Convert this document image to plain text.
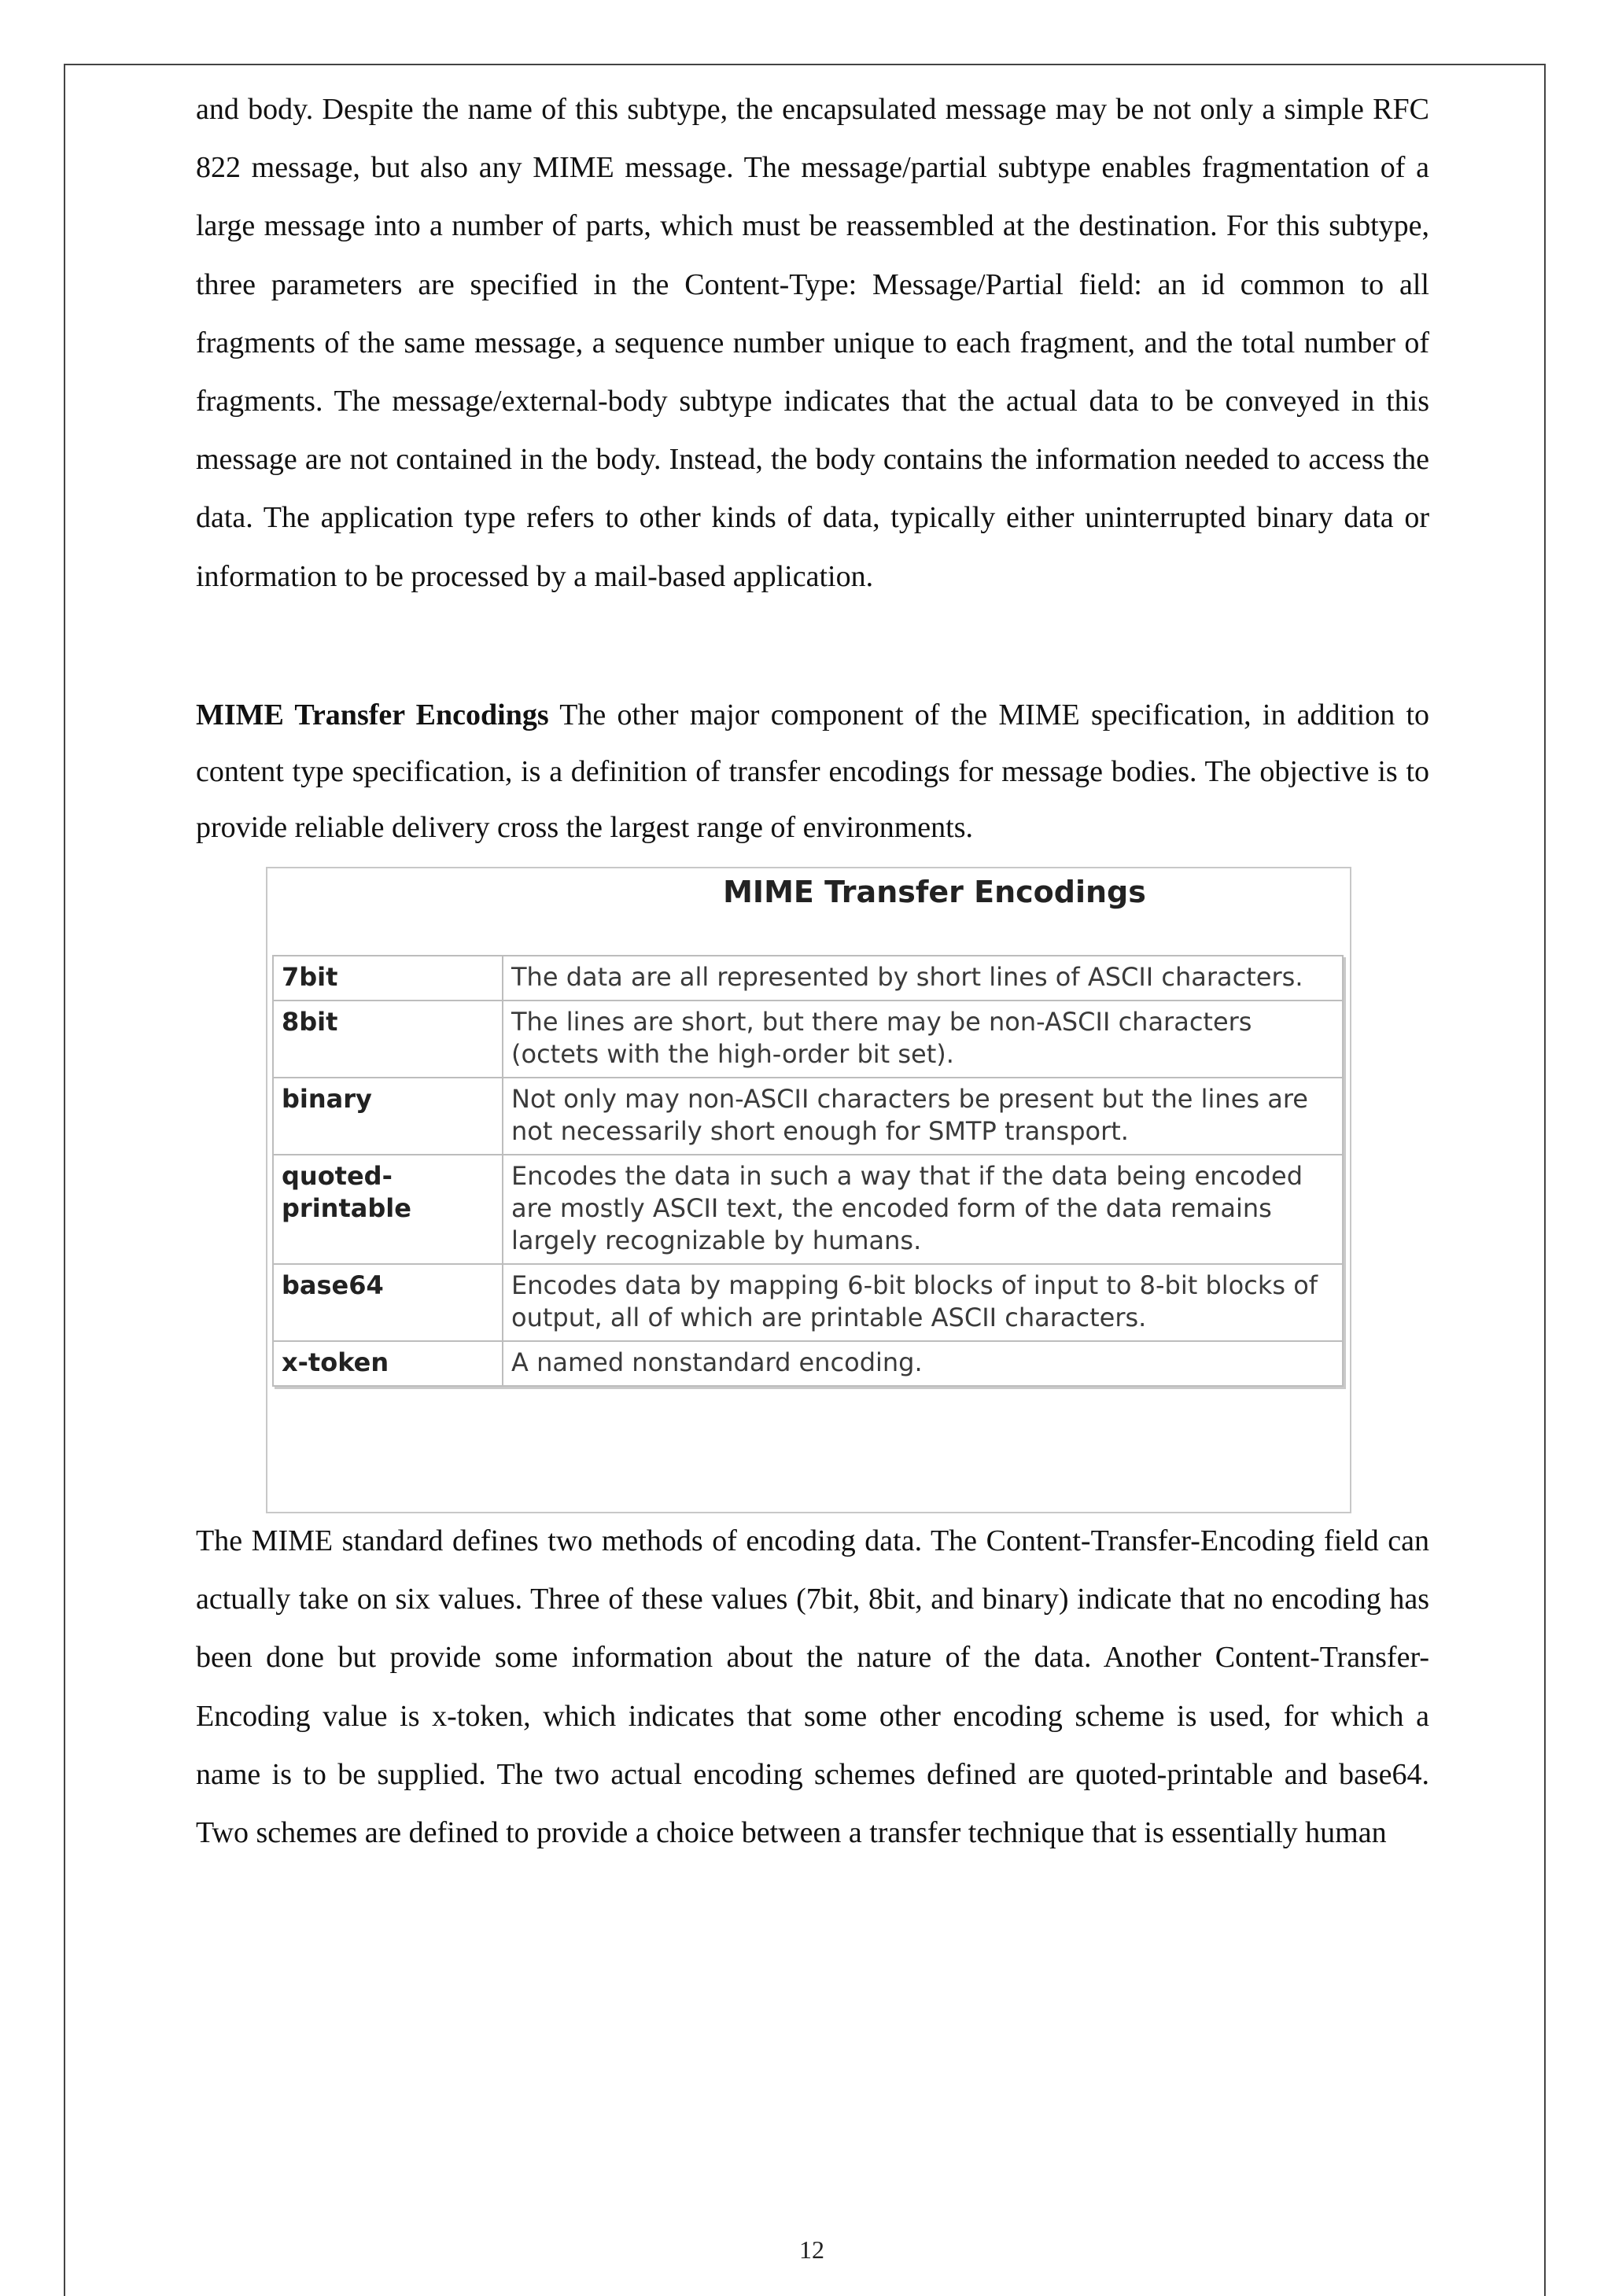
and body. Despite the name of this subtype, the encapsulated message may be not only a simple RFC 822 message, but also any MIME message. The message/partial subtype enables fragmentation of a large message into a number of parts, which must be reassembled at the destination. For this subtype, three parameters are specified in the Content-Type: Message/Partial field: an id common to all fragments of the same message, a sequence number unique to each fragment, and the total number of fragments. The message/external-body subtype indicates that the actual data to be conveyed in this message are not contained in the body. Instead, the body contains the information needed to access the data. The application type refers to other kinds of data, typically either uninterrupted binary data or information to be processed by a mail-based application.

MIME Transfer Encodings The other major component of the MIME specification, in addition to content type specification, is a definition of transfer encodings for message bodies. The objective is to provide reliable delivery cross the largest range of environments.

MIME Transfer Encodings
7bit	The data are all represented by short lines of ASCII characters.
8bit	The lines are short, but there may be non-ASCII characters (octets with the high-order bit set).
binary	Not only may non-ASCII characters be present but the lines are not necessarily short enough for SMTP transport.
quoted-printable	Encodes the data in such a way that if the data being encoded are mostly ASCII text, the encoded form of the data remains largely recognizable by humans.
base64	Encodes data by mapping 6-bit blocks of input to 8-bit blocks of output, all of which are printable ASCII characters.
x-token	A named nonstandard encoding.

The MIME standard defines two methods of encoding data. The Content-Transfer-Encoding field can actually take on six values. Three of these values (7bit, 8bit, and binary) indicate that no encoding has been done but provide some information about the nature of the data. Another Content-Transfer-Encoding value is x-token, which indicates that some other encoding scheme is used, for which a name is to be supplied. The two actual encoding schemes defined are quoted-printable and base64. Two schemes are defined to provide a choice between a transfer technique that is essentially human

12
